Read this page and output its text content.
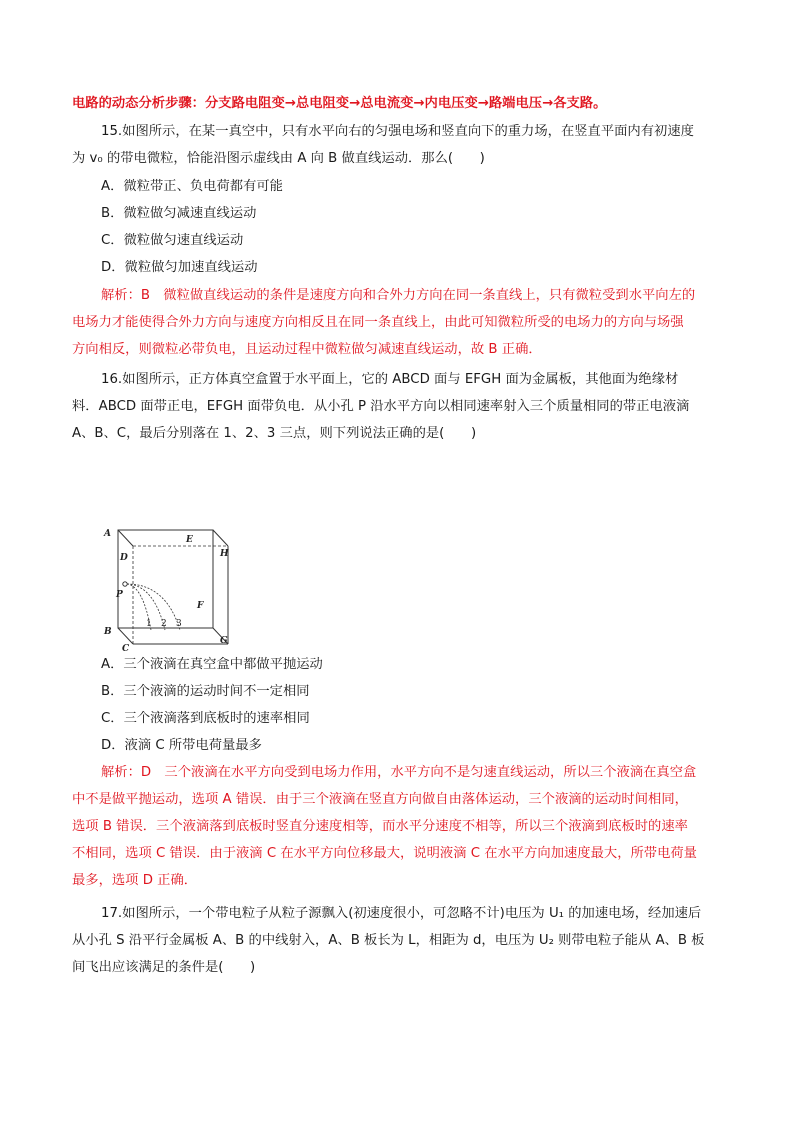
电路的动态分析步骤：分支路电阻变→总电阻变→总电流变→内电压变→路端电压→各支路。
15.如图所示，在某一真空中，只有水平向右的匀强电场和竖直向下的重力场，在竖直平面内有初速度
为 v₀ 的带电微粒，恰能沿图示虚线由 A 向 B 做直线运动．那么(　　)
A．微粒带正、负电荷都有可能
B．微粒做匀减速直线运动
C．微粒做匀速直线运动
D．微粒做匀加速直线运动
解析：B　微粒做直线运动的条件是速度方向和合外力方向在同一条直线上，只有微粒受到水平向左的
电场力才能使得合外力方向与速度方向相反且在同一条直线上，由此可知微粒所受的电场力的方向与场强
方向相反，则微粒必带负电，且运动过程中微粒做匀减速直线运动，故 B 正确．
16.如图所示，正方体真空盒置于水平面上，它的 ABCD 面与 EFGH 面为金属板，其他面为绝缘材
料．ABCD 面带正电，EFGH 面带负电．从小孔 P 沿水平方向以相同速率射入三个质量相同的带正电液滴
A、B、C，最后分别落在 1、2、3 三点，则下列说法正确的是(　　)
A
B
C
D
E
F
G
H
P
1 2 3
A．三个液滴在真空盒中都做平抛运动
B．三个液滴的运动时间不一定相同
C．三个液滴落到底板时的速率相同
D．液滴 C 所带电荷量最多
解析：D　三个液滴在水平方向受到电场力作用，水平方向不是匀速直线运动，所以三个液滴在真空盒
中不是做平抛运动，选项 A 错误．由于三个液滴在竖直方向做自由落体运动，三个液滴的运动时间相同，
选项 B 错误．三个液滴落到底板时竖直分速度相等，而水平分速度不相等，所以三个液滴到底板时的速率
不相同，选项 C 错误．由于液滴 C 在水平方向位移最大，说明液滴 C 在水平方向加速度最大，所带电荷量
最多，选项 D 正确．
17.如图所示，一个带电粒子从粒子源飘入(初速度很小，可忽略不计)电压为 U₁ 的加速电场，经加速后
从小孔 S 沿平行金属板 A、B 的中线射入，A、B 板长为 L，相距为 d，电压为 U₂ 则带电粒子能从 A、B 板
间飞出应该满足的条件是(　　)
